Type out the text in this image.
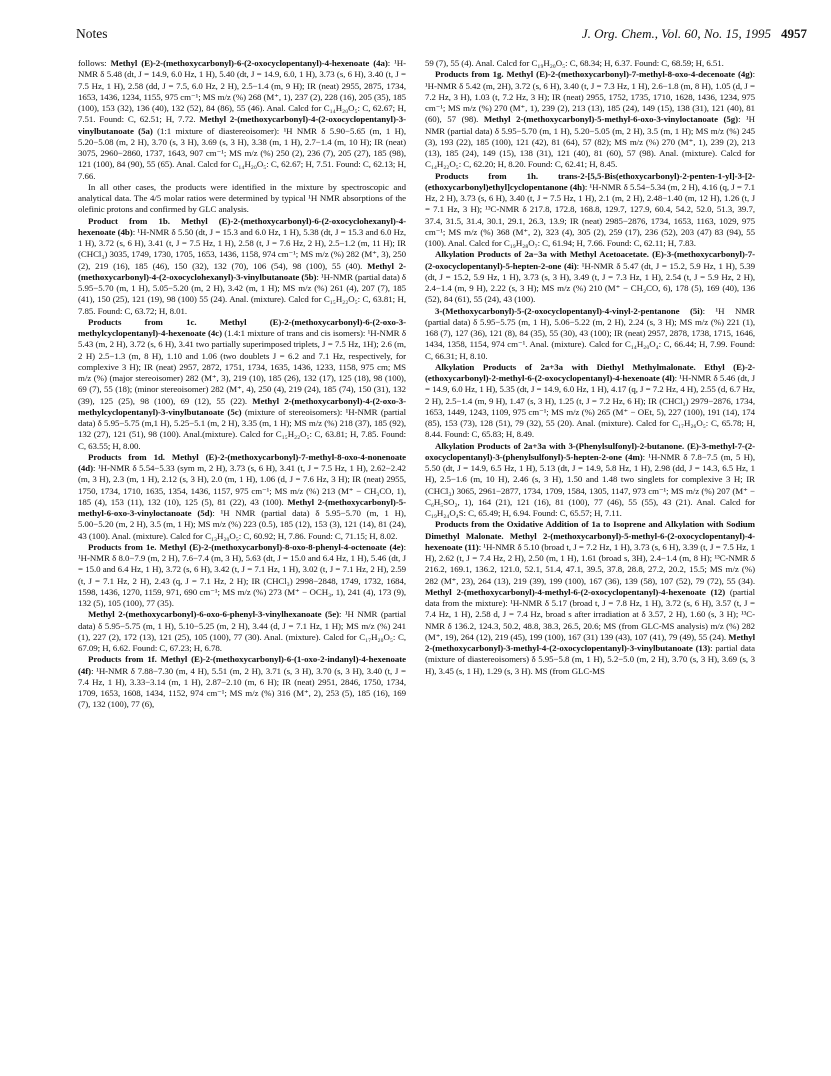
Notes	J. Org. Chem., Vol. 60, No. 15, 1995 4957

follows: Methyl (E)-2-(methoxycarbonyl)-6-(2-oxocyclopentanyl)-4-hexenoate (4a): ¹H-NMR δ 5.48 (dt, J = 14.9, 6.0 Hz, 1 H), 5.40 (dt, J = 14.9, 6.0, 1 H), 3.73 (s, 6 H), 3.40 (t, J = 7.5 Hz, 1 H), 2.58 (dd, J = 7.5, 6.0 Hz, 2 H), 2.5−1.4 (m, 9 H); IR (neat) 2955, 2875, 1734, 1653, 1436, 1234, 1155, 975 cm⁻¹; MS m/z (%) 268 (M⁺, 1), 237 (2), 228 (16), 205 (35), 185 (100), 153 (32), 136 (40), 132 (52), 84 (86), 55 (46). Anal. Calcd for C₁₄H₂₀O₅: C, 62.67; H, 7.51. Found: C, 62.51; H, 7.72. Methyl 2-(methoxycarbonyl)-4-(2-oxocyclopentanyl)-3-vinylbutanoate (5a) (1:1 mixture of diastereoisomer): ¹H NMR δ 5.90−5.65 (m, 1 H), 5.20−5.08 (m, 2 H), 3.70 (s, 3 H), 3.69 (s, 3 H), 3.38 (m, 1 H), 2.7−1.4 (m, 10 H); IR (neat) 3075, 2960−2860, 1737, 1643, 907 cm⁻¹; MS m/z (%) 250 (2), 236 (7), 205 (27), 185 (98), 121 (100), 84 (90), 55 (65). Anal. Calcd for C₁₄H₂₀O₅: C, 62.67; H, 7.51. Found: C, 62.13; H, 7.66.

In all other cases, the products were identified in the mixture by spectroscopic and analytical data. The 4/5 molar ratios were determined by typical ¹H NMR absorptions of the olefinic protons and confirmed by GLC analysis.

Product from 1b. Methyl (E)-2-(methoxycarbonyl)-6-(2-oxocyclohexanyl)-4-hexenoate (4b): ¹H-NMR δ 5.50 (dt, J = 15.3 and 6.0 Hz, 1 H), 5.38 (dt, J = 15.3 and 6.0 Hz, 1 H), 3.72 (s, 6 H), 3.41 (t, J = 7.5 Hz, 1 H), 2.58 (t, J = 7.6 Hz, 2 H), 2.5−1.2 (m, 11 H); IR (CHCl₃) 3035, 1749, 1730, 1705, 1653, 1436, 1158, 974 cm⁻¹; MS m/z (%) 282 (M⁺, 3), 250 (2), 219 (16), 185 (46), 150 (32), 132 (70), 106 (54), 98 (100), 55 (40). Methyl 2-(methoxycarbonyl)-4-(2-oxocyclohexanyl)-3-vinylbutanoate (5b): ¹H-NMR (partial data) δ 5.95−5.70 (m, 1 H), 5.05−5.20 (m, 2 H), 3.42 (m, 1 H); MS m/z (%) 261 (4), 207 (7), 185 (41), 150 (25), 121 (19), 98 (100) 55 (24). Anal. (mixture). Calcd for C₁₅H₂₂O₅: C, 63.81; H, 7.85. Found: C, 63.72; H, 8.01.

Products from 1c. Methyl (E)-2-(methoxycarbonyl)-6-(2-oxo-3-methylcyclopentanyl)-4-hexenoate (4c) (1.4:1 mixture of trans and cis isomers): ¹H-NMR δ 5.43 (m, 2 H), 3.72 (s, 6 H), 3.41 two partially superimposed triplets, J = 7.5 Hz, 1H); 2.6 (m, 2 H) 2.5−1.3 (m, 8 H), 1.10 and 1.06 (two doublets J = 6.2 and 7.1 Hz, respectively, for complexive 3 H); IR (neat) 2957, 2872, 1751, 1734, 1635, 1436, 1233, 1158, 975 cm; MS m/z (%) (major stereoisomer) 282 (M⁺, 3), 219 (10), 185 (26), 132 (17), 125 (18), 98 (100), 69 (7), 55 (18); (minor stereoisomer) 282 (M⁺, 4), 250 (4), 219 (24), 185 (74), 150 (31), 132 (39), 125 (25), 98 (100), 69 (12), 55 (22). Methyl 2-(methoxycarbonyl)-4-(2-oxo-3-methylcyclopentanyl)-3-vinylbutanoate (5c) (mixture of stereoisomers): ¹H-NMR (partial data) δ 5.95−5.75 (m,1 H), 5.25−5.1 (m, 2 H), 3.35 (m, 1 H); MS m/z (%) 218 (37), 185 (92), 132 (27), 121 (51), 98 (100). Anal.(mixture). Calcd for C₁₅H₂₂O₅: C, 63.81; H, 7.85. Found: C, 63.55; H, 8.00.

Products from 1d. Methyl (E)-2-(methoxycarbonyl)-7-methyl-8-oxo-4-nonenoate (4d): ¹H-NMR δ 5.54−5.33 (sym m, 2 H), 3.73 (s, 6 H), 3.41 (t, J = 7.5 Hz, 1 H), 2.62−2.42 (m, 3 H), 2.3 (m, 1 H), 2.12 (s, 3 H), 2.0 (m, 1 H), 1.06 (d, J = 7.6 Hz, 3 H); IR (neat) 2955, 1750, 1734, 1710, 1635, 1354, 1436, 1157, 975 cm⁻¹; MS m/z (%) 213 (M⁺ − CH₃CO, 1), 185 (4), 153 (11), 132 (10), 125 (5), 81 (22), 43 (100). Methyl 2-(methoxycarbonyl)-5-methyl-6-oxo-3-vinyloctanoate (5d): ¹H NMR (partial data) δ 5.95−5.70 (m, 1 H), 5.00−5.20 (m, 2 H), 3.5 (m, 1 H); MS m/z (%) 223 (0.5), 185 (12), 153 (3), 121 (14), 81 (24), 43 (100). Anal. (mixture). Calcd for C₁₃H₂₀O₅: C, 60.92; H, 7.86. Found: C, 71.15; H, 8.02.

Products from 1e. Methyl (E)-2-(methoxycarbonyl)-8-oxo-8-phenyl-4-octenoate (4e): ¹H-NMR δ 8.0−7.9 (m, 2 H), 7.6−7.4 (m, 3 H), 5.63 (dt, J = 15.0 and 6.4 Hz, 1 H), 5.46 (dt, J = 15.0 and 6.4 Hz, 1 H), 3.72 (s, 6 H), 3.42 (t, J = 7.1 Hz, 1 H), 3.02 (t, J = 7.1 Hz, 2 H), 2.59 (t, J = 7.1 Hz, 2 H), 2.43 (q, J = 7.1 Hz, 2 H); IR (CHCl₃) 2998−2848, 1749, 1732, 1684, 1598, 1436, 1270, 1159, 971, 690 cm⁻¹; MS m/z (%) 273 (M⁺ − OCH₃, 1), 241 (4), 173 (9), 132 (5), 105 (100), 77 (35).

Methyl 2-(methoxycarbonyl)-6-oxo-6-phenyl-3-vinylhexanoate (5e): ¹H NMR (partial data) δ 5.95−5.75 (m, 1 H), 5.10−5.25 (m, 2 H), 3.44 (d, J = 7.1 Hz, 1 H); MS m/z (%) 241 (1), 227 (2), 172 (13), 121 (25), 105 (100), 77 (30). Anal. (mixture). Calcd for C₁₇H₂₀O₅: C, 67.09; H, 6.62. Found: C, 67.23; H, 6.78.

Products from 1f. Methyl (E)-2-(methoxycarbonyl)-6-(1-oxo-2-indanyl)-4-hexenoate (4f): ¹H-NMR δ 7.88−7.30 (m, 4 H), 5.51 (m, 2 H), 3.71 (s, 3 H), 3.70 (s, 3 H), 3.40 (t, J = 7.4 Hz, 1 H), 3.33−3.14 (m, 1 H), 2.87−2.10 (m, 6 H); IR (neat) 2951, 2846, 1750, 1734, 1709, 1653, 1608, 1434, 1152, 974 cm⁻¹; MS m/z (%) 316 (M⁺, 2), 253 (5), 185 (16), 169 (7), 132 (100), 77 (6),

59 (7), 55 (4). Anal. Calcd for C₁₉H₂₀O₅: C, 68.34; H, 6.37. Found: C, 68.59; H, 6.51.

Products from 1g. Methyl (E)-2-(methoxycarbonyl)-7-methyl-8-oxo-4-decenoate (4g): ¹H-NMR δ 5.42 (m, 2H), 3.72 (s, 6 H), 3.40 (t, J = 7.3 Hz, 1 H), 2.6−1.8 (m, 8 H), 1.05 (d, J = 7.2 Hz, 3 H), 1.03 (t, 7.2 Hz, 3 H); IR (neat) 2955, 1752, 1735, 1710, 1628, 1436, 1234, 975 cm⁻¹; MS m/z (%) 270 (M⁺, 1), 239 (2), 213 (13), 185 (24), 149 (15), 138 (31), 121 (40), 81 (60), 57 (98). Methyl 2-(methoxycarbonyl)-5-methyl-6-oxo-3-vinyloctanoate (5g): ¹H NMR (partial data) δ 5.95−5.70 (m, 1 H), 5.20−5.05 (m, 2 H), 3.5 (m, 1 H); MS m/z (%) 245 (3), 193 (22), 185 (100), 121 (42), 81 (64), 57 (82); MS m/z (%) 270 (M⁺, 1), 239 (2), 213 (13), 185 (24), 149 (15), 138 (31), 121 (40), 81 (60), 57 (98). Anal. (mixture). Calcd for C₁₄H₂₂O₅: C, 62.20; H, 8.20. Found: C, 62.41; H, 8.45.

Products from 1h. trans-2-[5,5-Bis(ethoxycarbonyl)-2-penten-1-yl]-3-[2-(ethoxycarbonyl)ethyl]cyclopentanone (4h): ¹H-NMR δ 5.54−5.34 (m, 2 H), 4.16 (q, J = 7.1 Hz, 2 H), 3.73 (s, 6 H), 3.40 (t, J = 7.5 Hz, 1 H), 2.1 (m, 2 H), 2.48−1.40 (m, 12 H), 1.26 (t, J = 7.1 Hz, 3 H); ¹³C-NMR δ 217.8, 172.8, 168.8, 129.7, 127.9, 60.4, 54.2, 52.0, 51.3, 39.7, 37.4, 31.5, 31.4, 30.1, 29.1, 26.3, 13.9; IR (neat) 2985−2876, 1734, 1653, 1163, 1029, 975 cm⁻¹; MS m/z (%) 368 (M⁺, 2), 323 (4), 305 (2), 259 (17), 236 (52), 203 (47) 83 (94), 55 (100). Anal. Calcd for C₁₉H₂₈O₇: C, 61.94; H, 7.66. Found: C, 62.11; H, 7.83.

Alkylation Products of 2a−3a with Methyl Acetoacetate. (E)-3-(methoxycarbonyl)-7-(2-oxocyclopentanyl)-5-hepten-2-one (4i): ¹H-NMR δ 5.47 (dt, J = 15.2, 5.9 Hz, 1 H), 5.39 (dt, J = 15.2, 5.9 Hz, 1 H), 3.73 (s, 3 H), 3.49 (t, J = 7.3 Hz, 1 H), 2.54 (t, J = 5.9 Hz, 2 H), 2.4−1.4 (m, 9 H), 2.22 (s, 3 H); MS m/z (%) 210 (M⁺ − CH₂CO, 6), 178 (5), 169 (40), 136 (52), 84 (61), 55 (24), 43 (100).

3-(Methoxycarbonyl)-5-(2-oxocyclopentanyl)-4-vinyl-2-pentanone (5i): ¹H NMR (partial data) δ 5.95−5.75 (m, 1 H), 5.06−5.22 (m, 2 H), 2.24 (s, 3 H); MS m/z (%) 221 (1), 168 (7), 127 (36), 121 (8), 84 (35), 55 (30), 43 (100); IR (neat) 2957, 2878, 1738, 1715, 1646, 1434, 1358, 1154, 974 cm⁻¹. Anal. (mixture). Calcd for C₁₄H₂₀O₄: C, 66.44; H, 7.99. Found: C, 66.31; H, 8.10.

Alkylation Products of 2a+3a with Diethyl Methylmalonate. Ethyl (E)-2-(ethoxycarbonyl)-2-methyl-6-(2-oxocyclopentanyl)-4-hexenoate (4l): ¹H-NMR δ 5.46 (dt, J = 14.9, 6.0 Hz, 1 H), 5.35 (dt, J = 14.9, 6.0 Hz, 1 H), 4.17 (q, J = 7.2 Hz, 4 H), 2.55 (d, 6.7 Hz, 2 H), 2.5−1.4 (m, 9 H), 1.47 (s, 3 H), 1.25 (t, J = 7.2 Hz, 6 H); IR (CHCl₃) 2979−2876, 1734, 1653, 1449, 1243, 1109, 975 cm⁻¹; MS m/z (%) 265 (M⁺ − OEt, 5), 227 (100), 191 (14), 174 (85), 153 (73), 128 (51), 79 (32), 55 (20). Anal. (mixture). Calcd for C₁₇H₂₆O₅: C, 65.78; H, 8.44. Found: C, 65.83; H, 8.49.

Alkylation Products of 2a+3a with 3-(Phenylsulfonyl)-2-butanone. (E)-3-methyl-7-(2-oxocyclopentanyl)-3-(phenylsulfonyl)-5-hepten-2-one (4m): ¹H-NMR δ 7.8−7.5 (m, 5 H), 5.50 (dt, J = 14.9, 6.5 Hz, 1 H), 5.13 (dt, J = 14.9, 5.8 Hz, 1 H), 2.98 (dd, J = 14.3, 6.5 Hz, 1 H), 2.5−1.6 (m, 10 H), 2.46 (s, 3 H), 1.50 and 1.48 two singlets for complexive 3 H; IR (CHCl₃) 3065, 2961−2877, 1734, 1709, 1584, 1305, 1147, 973 cm⁻¹; MS m/z (%) 207 (M⁺ − C₆H₅SO₂, 1), 164 (21), 121 (16), 81 (100), 77 (46), 55 (55), 43 (21). Anal. Calcd for C₁₉H₂₄O₄S: C, 65.49; H, 6.94. Found: C, 65.57; H, 7.11.

Products from the Oxidative Addition of 1a to Isoprene and Alkylation with Sodium Dimethyl Malonate. Methyl 2-(methoxycarbonyl)-5-methyl-6-(2-oxocyclopentanyl)-4-hexenoate (11): ¹H-NMR δ 5.10 (broad t, J = 7.2 Hz, 1 H), 3.73 (s, 6 H), 3.39 (t, J = 7.5 Hz, 1 H), 2.62 (t, J = 7.4 Hz, 2 H), 2.50 (m, 1 H), 1.61 (broad s, 3H), 2.4−1.4 (m, 8 H); ¹³C-NMR δ 216.2, 169.1, 136.2, 121.0, 52.1, 51.4, 47.1, 39.5, 37.8, 28.8, 27.2, 20.2, 15.5; MS m/z (%) 282 (M⁺, 23), 264 (13), 219 (39), 199 (100), 167 (36), 139 (58), 107 (52), 79 (72), 55 (34). Methyl 2-(methoxycarbonyl)-4-methyl-6-(2-oxocyclopentanyl)-4-hexenoate (12) (partial data from the mixture): ¹H-NMR δ 5.17 (broad t, J = 7.8 Hz, 1 H), 3.72 (s, 6 H), 3.57 (t, J = 7.4 Hz, 1 H), 2.58 d, J = 7.4 Hz, broad s after irradiation at δ 3.57, 2 H), 1.60 (s, 3 H); ¹³C-NMR δ 136.2, 124.3, 50.2, 48.8, 38.3, 26.5, 20.6; MS (from GLC-MS analysis) m/z (%) 282 (M⁺, 19), 264 (12), 219 (45), 199 (100), 167 (31) 139 (43), 107 (41), 79 (49), 55 (24). Methyl 2-(methoxycarbonyl)-3-methyl-4-(2-oxocyclopentanyl)-3-vinylbutanoate (13): partial data (mixture of diastereoisomers) δ 5.95−5.8 (m, 1 H), 5.2−5.0 (m, 2 H), 3.70 (s, 3 H), 3.69 (s, 3 H), 3.45 (s, 1 H), 1.29 (s, 3 H). MS (from GLC-MS
